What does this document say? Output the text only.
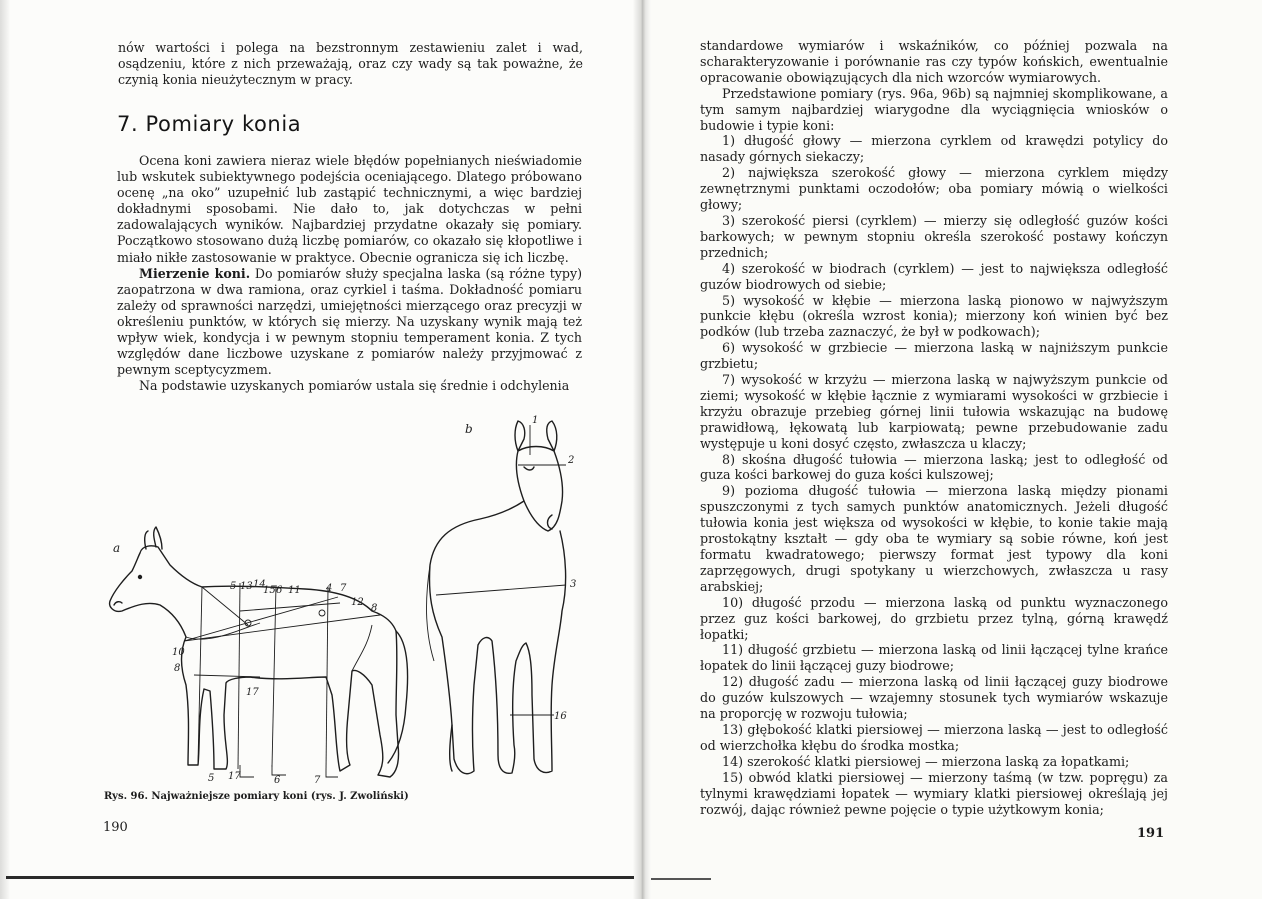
nów wartości i polega na bezstronnym zestawieniu zalet i wad, osądzeniu, które z nich przeważają, oraz czy wady są tak poważne, że czynią konia nieużytecznym w pracy.

7. Pomiary konia

Ocena koni zawiera nieraz wiele błędów popełnianych nieświadomie lub wskutek subiektywnego podejścia oceniającego. Dlatego próbowano ocenę „na oko” uzupełnić lub zastąpić technicznymi, a więc bardziej dokładnymi sposobami. Nie dało to, jak dotychczas w pełni zadowalających wyników. Najbardziej przydatne okazały się pomiary. Początkowo stosowano dużą liczbę pomiarów, co okazało się kłopotliwe i miało nikłe zastosowanie w praktyce. Obecnie ogranicza się ich liczbę.

Mierzenie koni. Do pomiarów służy specjalna laska (są różne typy) zaopatrzona w dwa ramiona, oraz cyrkiel i taśma. Dokładność pomiaru zależy od sprawności narzędzi, umiejętności mierzącego oraz precyzji w określeniu punktów, w których się mierzy. Na uzyskany wynik mają też wpływ wiek, kondycja i w pewnym stopniu temperament konia. Z tych względów dane liczbowe uzyskane z pomiarów należy przyjmować z pewnym sceptycyzmem.

Na podstawie uzyskanych pomiarów ustala się średnie i odchylenia

a
b
5 13 14
15 6 11	4 7
12
8
10
8
17
5 17	6	7
1
2
3
16
Rys. 96. Najważniejsze pomiary koni (rys. J. Zwoliński)
190

standardowe wymiarów i wskaźników, co później pozwala na scharakteryzowanie i porównanie ras czy typów końskich, ewentualnie opracowanie obowiązujących dla nich wzorców wymiarowych.

Przedstawione pomiary (rys. 96a, 96b) są najmniej skomplikowane, a tym samym najbardziej wiarygodne dla wyciągnięcia wniosków o budowie i typie koni:

1) długość głowy — mierzona cyrklem od krawędzi potylicy do nasady górnych siekaczy;

2) największa szerokość głowy — mierzona cyrklem między zewnętrznymi punktami oczodołów; oba pomiary mówią o wielkości głowy;

3) szerokość piersi (cyrklem) — mierzy się odległość guzów kości barkowych; w pewnym stopniu określa szerokość postawy kończyn przednich;

4) szerokość w biodrach (cyrklem) — jest to największa odległość guzów biodrowych od siebie;

5) wysokość w kłębie — mierzona laską pionowo w najwyższym punkcie kłębu (określa wzrost konia); mierzony koń winien być bez podków (lub trzeba zaznaczyć, że był w podkowach);

6) wysokość w grzbiecie — mierzona laską w najniższym punkcie grzbietu;

7) wysokość w krzyżu — mierzona laską w najwyższym punkcie od ziemi; wysokość w kłębie łącznie z wymiarami wysokości w grzbiecie i krzyżu obrazuje przebieg górnej linii tułowia wskazując na budowę prawidłową, łękowatą lub karpiowatą; pewne przebudowanie zadu występuje u koni dosyć często, zwłaszcza u klaczy;

8) skośna długość tułowia — mierzona laską; jest to odległość od guza kości barkowej do guza kości kulszowej;

9) pozioma długość tułowia — mierzona laską między pionami spuszczonymi z tych samych punktów anatomicznych. Jeżeli długość tułowia konia jest większa od wysokości w kłębie, to konie takie mają prostokątny kształt — gdy oba te wymiary są sobie równe, koń jest formatu kwadratowego; pierwszy format jest typowy dla koni zaprzęgowych, drugi spotykany u wierzchowych, zwłaszcza u rasy arabskiej;

10) długość przodu — mierzona laską od punktu wyznaczonego przez guz kości barkowej, do grzbietu przez tylną, górną krawędź łopatki;

11) długość grzbietu — mierzona laską od linii łączącej tylne krańce łopatek do linii łączącej guzy biodrowe;

12) długość zadu — mierzona laską od linii łączącej guzy biodrowe do guzów kulszowych — wzajemny stosunek tych wymiarów wskazuje na proporcję w rozwoju tułowia;

13) głębokość klatki piersiowej — mierzona laską — jest to odległość od wierzchołka kłębu do środka mostka;

14) szerokość klatki piersiowej — mierzona laską za łopatkami;

15) obwód klatki piersiowej — mierzony taśmą (w tzw. popręgu) za tylnymi krawędziami łopatek — wymiary klatki piersiowej określają jej rozwój, dając również pewne pojęcie o typie użytkowym konia;

191
